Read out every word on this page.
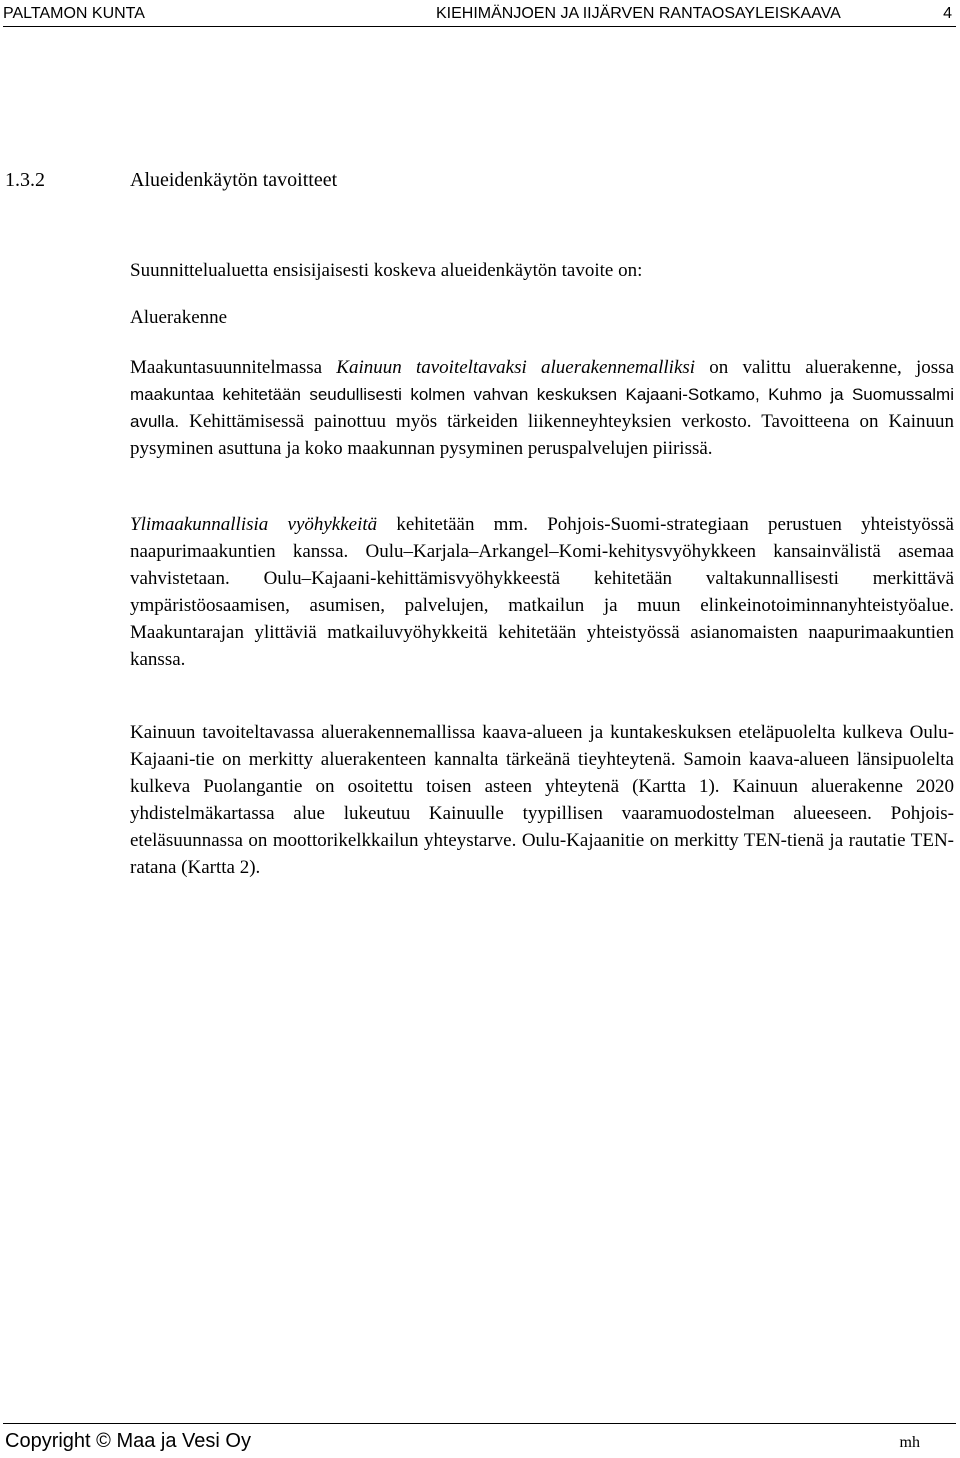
PALTAMON KUNTA	KIEHIMÄNJOEN JA IIJÄRVEN RANTAOSAYLEISKAAVA	4
1.3.2	Alueidenkäytön tavoitteet

Suunnittelualuetta ensisijaisesti koskeva alueidenkäytön tavoite on:

Aluerakenne

Maakuntasuunnitelmassa Kainuun tavoiteltavaksi aluerakennemalliksi on valittu aluerakenne, jossa maakuntaa kehitetään seudullisesti kolmen vahvan keskuksen Kajaani-Sotkamo, Kuhmo ja Suomussalmi avulla. Kehittämisessä painottuu myös tärkeiden liikenneyhteyksien verkosto. Tavoitteena on Kainuun pysyminen asuttuna ja koko maakunnan pysyminen peruspalvelujen piirissä.

Ylimaakunnallisia vyöhykkeitä kehitetään mm. Pohjois-Suomi-strategiaan perustuen yhteistyössä naapurimaakuntien kanssa. Oulu–Karjala–Arkangel–Komi-kehitysvyöhykkeen kansainvälistä asemaa vahvistetaan. Oulu–Kajaani-kehittämisvyöhykkeestä kehitetään valtakunnallisesti merkittävä ympäristöosaamisen, asumisen, palvelujen, matkailun ja muun elinkeinotoiminnanyhteistyöalue. Maakuntarajan ylittäviä matkailuvyöhykkeitä kehitetään yhteistyössä asianomaisten naapurimaakuntien kanssa.

Kainuun tavoiteltavassa aluerakennemallissa kaava-alueen ja kuntakeskuksen eteläpuolelta kulkeva Oulu-Kajaani-tie on merkitty aluerakenteen kannalta tärkeänä tieyhteytenä. Samoin kaava-alueen länsipuolelta kulkeva Puolangantie on osoitettu toisen asteen yhteytenä (Kartta 1). Kainuun aluerakenne 2020 yhdistelmäkartassa alue lukeutuu Kainuulle tyypillisen vaaramuodostelman alueeseen. Pohjois-eteläsuunnassa on moottorikelkkailun yhteystarve. Oulu-Kajaanitie on merkitty TEN-tienä ja rautatie TEN-ratana (Kartta 2).

Copyright © Maa ja Vesi Oy	mh
